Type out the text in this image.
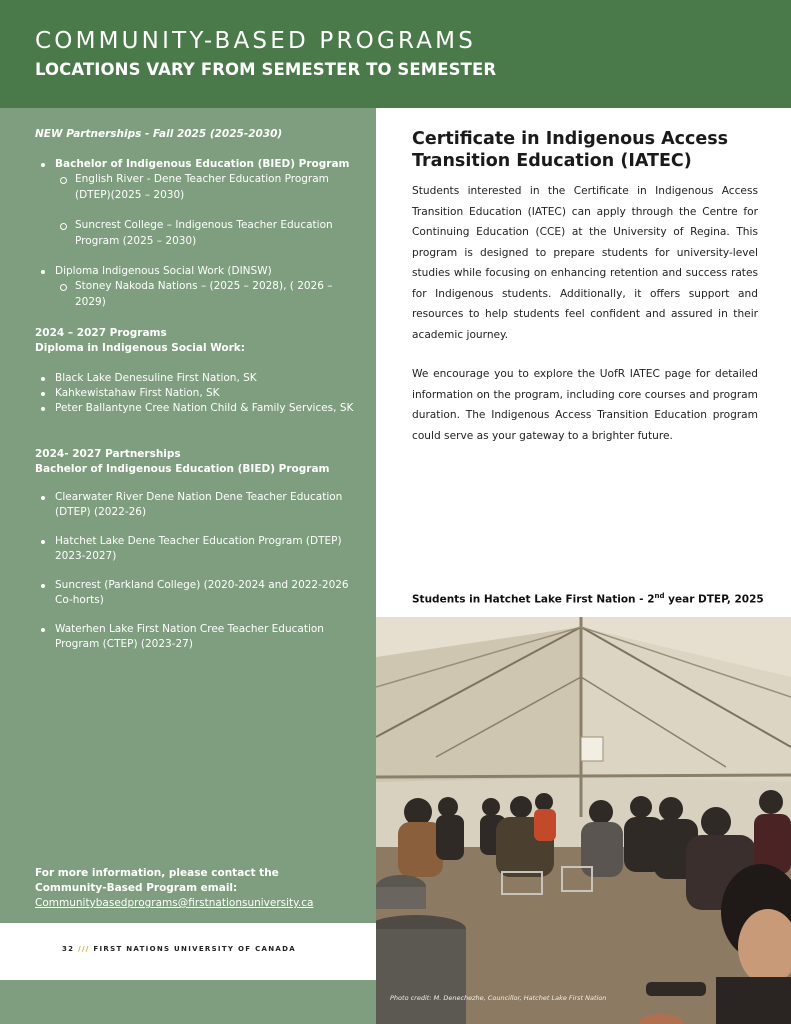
COMMUNITY-BASED PROGRAMS
LOCATIONS VARY FROM SEMESTER TO SEMESTER
NEW Partnerships - Fall 2025 (2025-2030)
Bachelor of Indigenous Education (BIED) Program
English River - Dene Teacher Education Program (DTEP)(2025 – 2030)
Suncrest College – Indigenous Teacher Education Program (2025 – 2030)
Diploma Indigenous Social Work (DINSW)
Stoney Nakoda Nations – (2025 – 2028), ( 2026 – 2029)
2024 – 2027 Programs
Diploma in Indigenous Social Work:
Black Lake Denesuline First Nation, SK
Kahkewistahaw First Nation, SK
Peter Ballantyne Cree Nation Child & Family Services, SK
2024- 2027 Partnerships
Bachelor of Indigenous Education (BIED) Program
Clearwater River Dene Nation Dene Teacher Education (DTEP) (2022-26)
Hatchet Lake Dene Teacher Education Program (DTEP) 2023-2027)
Suncrest (Parkland College) (2020-2024 and 2022-2026 Co-horts)
Waterhen Lake First Nation Cree Teacher Education Program (CTEP) (2023-27)
For more information, please contact the
Community-Based Program email:
Communitybasedprograms@firstnationsuniversity.ca
32 /// FIRST NATIONS UNIVERSITY OF CANADA
Certificate in Indigenous Access
Transition Education (IATEC)
Students interested in the Certificate in Indigenous Access Transition Education (IATEC) can apply through the Centre for Continuing Education (CCE) at the University of Regina. This program is designed to prepare students for university-level studies while focusing on enhancing retention and success rates for Indigenous students. Additionally, it offers support and resources to help students feel confident and assured in their academic journey.
We encourage you to explore the UofR IATEC page for detailed information on the program, including core courses and program duration. The Indigenous Access Transition Education program could serve as your gateway to a brighter future.
Students in Hatchet Lake First Nation - 2nd year DTEP, 2025
Photo credit: M. Denechezhe, Councillor, Hatchet Lake First Nation
